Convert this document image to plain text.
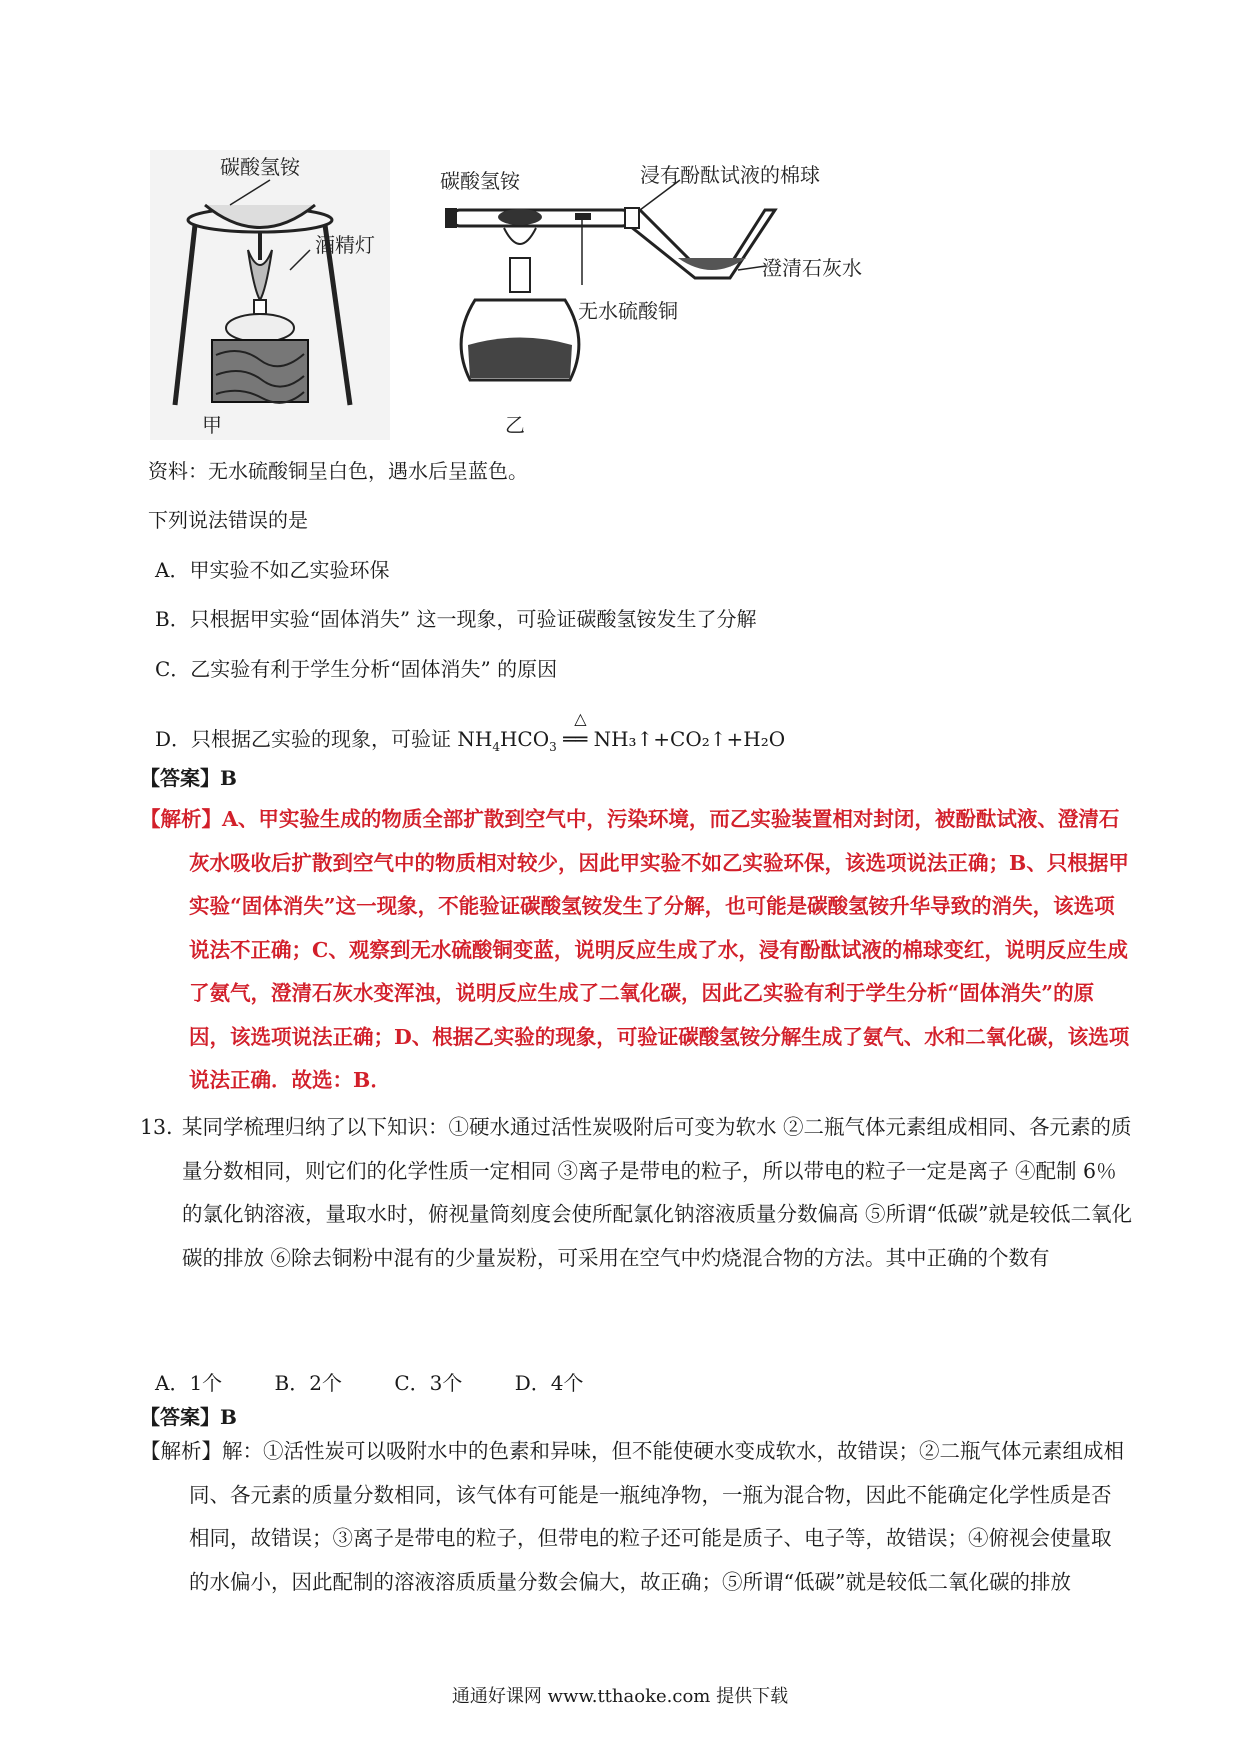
碳酸氢铵
酒精灯
甲
碳酸氢铵	浸有酚酞试液的棉球
澄清石灰水
无水硫酸铜
乙
资料：无水硫酸铜呈白色，遇水后呈蓝色。
下列说法错误的是
A．甲实验不如乙实验环保
B．只根据甲实验“固体消失” 这一现象，可验证碳酸氢铵发生了分解
C．乙实验有利于学生分析“固体消失” 的原因
D．只根据乙实验的现象，可验证 $NH_4HCO_3$
△
══ NH₃↑+CO₂↑+H₂O
【答案】B
【解析】A、甲实验生成的物质全部扩散到空气中，污染环境，而乙实验装置相对封闭，被酚酞试液、澄清石灰水吸收后扩散到空气中的物质相对较少，因此甲实验不如乙实验环保，该选项说法正确；B、只根据甲实验“固体消失”这一现象，不能验证碳酸氢铵发生了分解，也可能是碳酸氢铵升华导致的消失，该选项说法不正确；C、观察到无水硫酸铜变蓝，说明反应生成了水，浸有酚酞试液的棉球变红，说明反应生成了氨气，澄清石灰水变浑浊，说明反应生成了二氧化碳，因此乙实验有利于学生分析“固体消失”的原因，该选项说法正确；D、根据乙实验的现象，可验证碳酸氢铵分解生成了氨气、水和二氧化碳，该选项说法正确．故选：B．
13．
某同学梳理归纳了以下知识：①硬水通过活性炭吸附后可变为软水 ②二瓶气体元素组成相同、各元素的质量分数相同，则它们的化学性质一定相同 ③离子是带电的粒子，所以带电的粒子一定是离子 ④配制 6％的氯化钠溶液，量取水时，俯视量筒刻度会使所配氯化钠溶液质量分数偏高 ⑤所谓“低碳”就是较低二氧化碳的排放 ⑥除去铜粉中混有的少量炭粉，可采用在空气中灼烧混合物的方法。其中正确的个数有
A．1个	B．2个	C．3个	D．4个
【答案】B
【解析】解：①活性炭可以吸附水中的色素和异味，但不能使硬水变成软水，故错误；②二瓶气体元素组成相同、各元素的质量分数相同，该气体有可能是一瓶纯净物，一瓶为混合物，因此不能确定化学性质是否相同，故错误；③离子是带电的粒子，但带电的粒子还可能是质子、电子等，故错误；④俯视会使量取的水偏小，因此配制的溶液溶质质量分数会偏大，故正确；⑤所谓“低碳”就是较低二氧化碳的排放
通通好课网 www.tthaoke.com 提供下载
